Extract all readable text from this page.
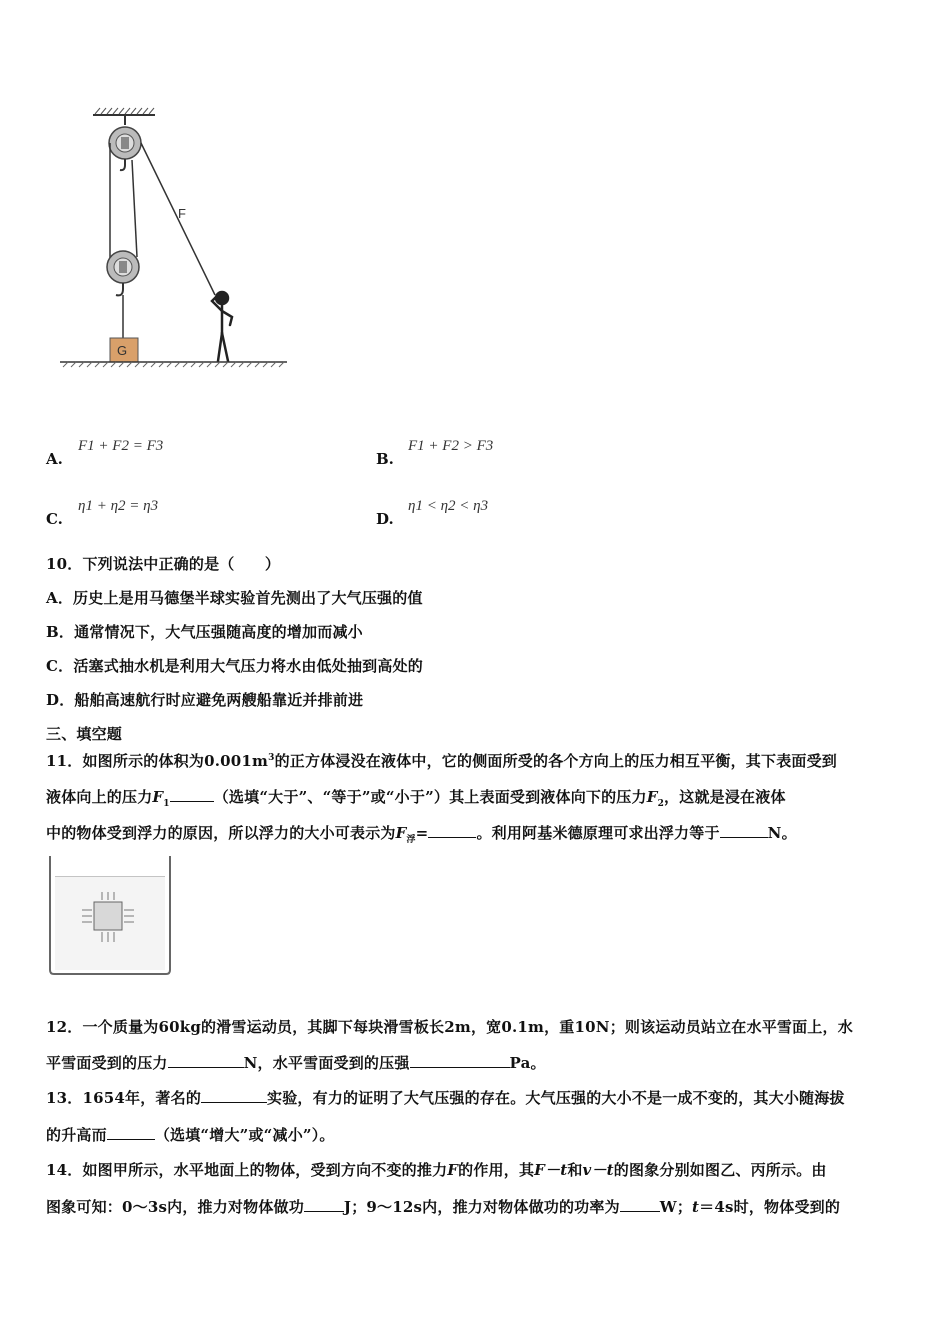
G
F
A.
F1 + F2 = F3
B.
F1 + F2 > F3
C.
η1 + η2 = η3
D.
η1 < η2 < η3
10．下列说法中正确的是（　　）
A．历史上是用马德堡半球实验首先测出了大气压强的值
B．通常情况下，大气压强随高度的增加而减小
C．活塞式抽水机是利用大气压力将水由低处抽到高处的
D．船舶高速航行时应避免两艘船靠近并排前进
三、填空题
11．如图所示的体积为$0.001m^3$的正方体浸没在液体中，它的侧面所受的各个方向上的压力相互平衡，其下表面受到
液体向上的压力$F_1$	（选填“大于”、“等于”或“小于”）其上表面受到液体向下的压力$F_2$，这就是浸在液体
中的物体受到浮力的原因，所以浮力的大小可表示为$F_浮=$	。利用阿基米德原理可求出浮力等于	N。
12．一个质量为60kg的滑雪运动员，其脚下每块滑雪板长2m，宽0.1m，重10N；则该运动员站立在水平雪面上，水
平雪面受到的压力	N，水平雪面受到的压强	Pa。
13．1654年，著名的	实验，有力的证明了大气压强的存在。大气压强的大小不是一成不变的，其大小随海拔
的升高而	（选填“增大”或“减小”）。
14．如图甲所示，水平地面上的物体，受到方向不变的推力F的作用，其F－t和v－t的图象分别如图乙、丙所示。由
图象可知：0～3s内，推力对物体做功	J；9～12s内，推力对物体做功的功率为	W；t＝4s时，物体受到的
